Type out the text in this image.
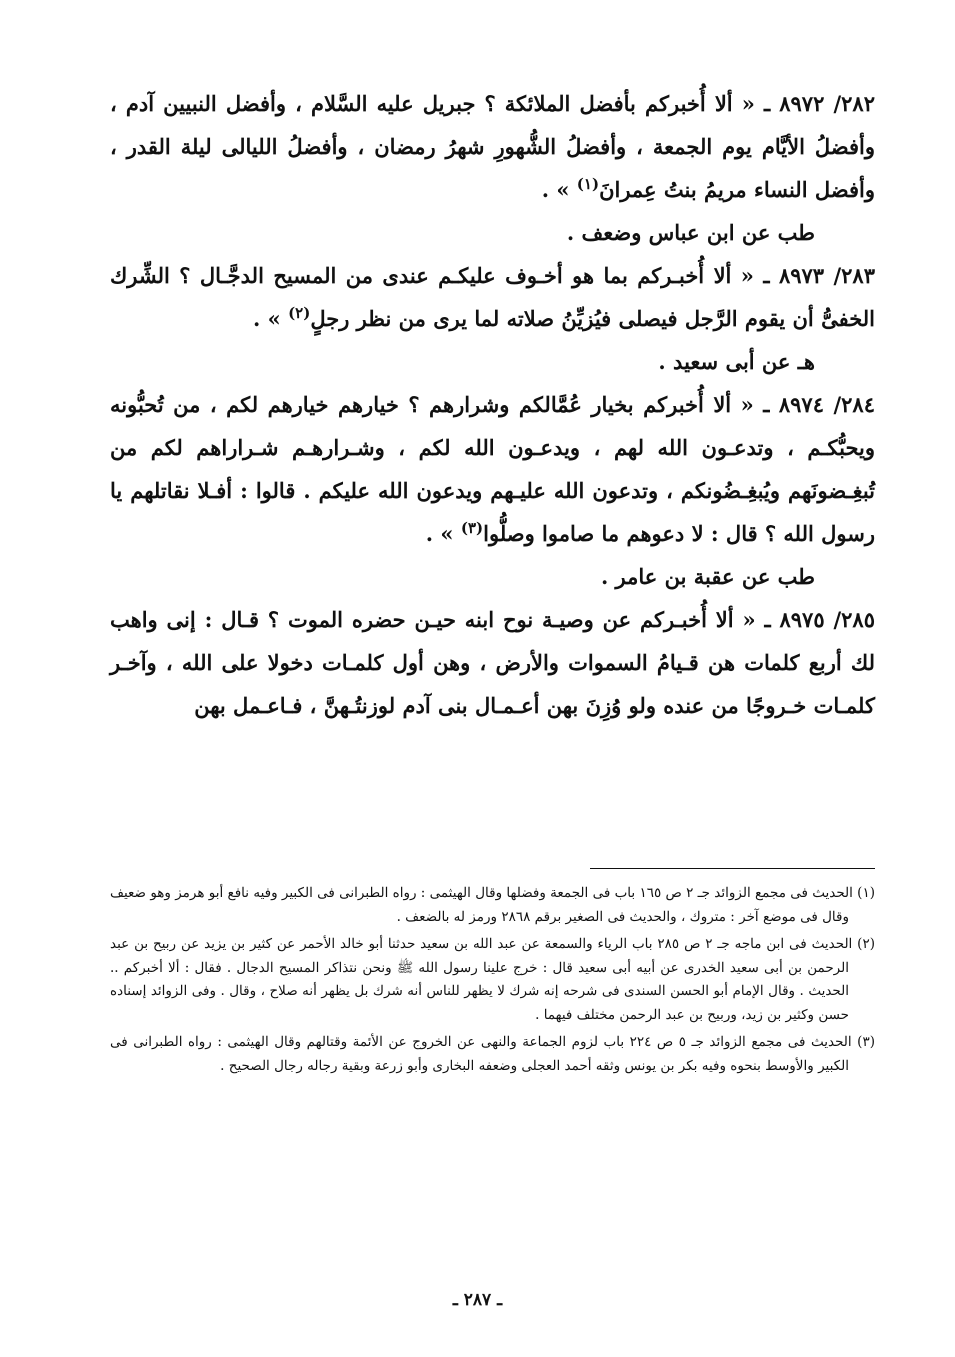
٢٨٢/ ٨٩٧٢ ـ « ألا أُخبركم بأفضل الملائكة ؟ جبريل عليه السَّلام ، وأفضل النبيين آدم ، وأفضلُ الأيَّام يوم الجمعة ، وأفضلُ الشُّهورِ شهرُ رمضان ، وأفضلُ الليالى ليلة القدر ، وأفضل النساء مريمُ بنتُ عِمرانَ$^{(١)}$ » .

طب عن ابن عباس وضعف .

٢٨٣/ ٨٩٧٣ ـ « ألا أُخبـركم بما هو أخـوف عليكـم عندى من المسيح الدجَّـال ؟ الشِّرك الخفىُّ أن يقوم الرَّجل فيصلى فيُزيِّنُ صلاته لما يرى من نظر رجلٍ$^{(٢)}$ » .

هـ عن أبى سعيد .

٢٨٤/ ٨٩٧٤ ـ « ألا أُخبركم بخيار عُمَّالكم وشرارهم ؟ خيارهم خيارهم لكم ، من تُحبُّونه ويحبُّكـم ، وتدعـون الله لهم ، ويدعـون الله لكم ، وشـرارهـم شـراراهم لكم من تُبغِـضونَهم ويُبغِـضُونكم ، وتدعون الله عليـهم ويدعون الله عليكم . قالوا : أفـلا نقاتلهم يا رسول الله ؟ قال : لا دعوهم ما صاموا وصلُّوا$^{(٣)}$ » .

طب عن عقبة بن عامر .

٢٨٥/ ٨٩٧٥ ـ « ألا أُخبـركم عن وصيـة نوح ابنه حيـن حضره الموت ؟ قـال : إنى واهب لك أربع كلمات هن قـيامُ السموات والأرض ، وهن أول كلمـات دخولا على الله ، وآخـر كلمـات خـروجًا من عنده ولو وُزِنَ بهن أعـمـال بنى آدم لوزنتُـهنَّ ، فـاعـمل بهن

(١) الحديث فى مجمع الزوائد جـ ٢ ص ١٦٥ باب فى الجمعة وفضلها وقال الهيثمى : رواه الطبرانى فى الكبير وفيه نافع أبو هرمز وهو ضعيف وقال فى موضع آخر : متروك ، والحديث فى الصغير برقم ٢٨٦٨ ورمز له بالضعف .

(٢) الحديث فى ابن ماجه جـ ٢ ص ٢٨٥ باب الرياء والسمعة عن عبد الله بن سعيد حدثنا أبو خالد الأحمر عن كثير بن يزيد عن ربيح بن عبد الرحمن بن أبى سعيد الخدرى عن أبيه أبى سعيد قال : خرج علينا رسول الله ﷺ ونحن نتذاكر المسيح الدجال . فقال : ألا أخبركم .. الحديث . وقال الإمام أبو الحسن السندى فى شرحه إنه شرك لا يظهر للناس أنه شرك بل يظهر أنه صلاح ، وقال . وفى الزوائد إسناده حسن وكثير بن زيد، وربيح بن عبد الرحمن مختلف فيهما .

(٣) الحديث فى مجمع الزوائد جـ ٥ ص ٢٢٤ باب لزوم الجماعة والنهى عن الخروج عن الأئمة وقتالهم وقال الهيثمى : رواه الطبرانى فى الكبير والأوسط بنحوه وفيه بكر بن يونس وثقه أحمد العجلى وضعفه البخارى وأبو زرعة وبقية رجاله رجال الصحيح .

ـ ٢٨٧ ـ
